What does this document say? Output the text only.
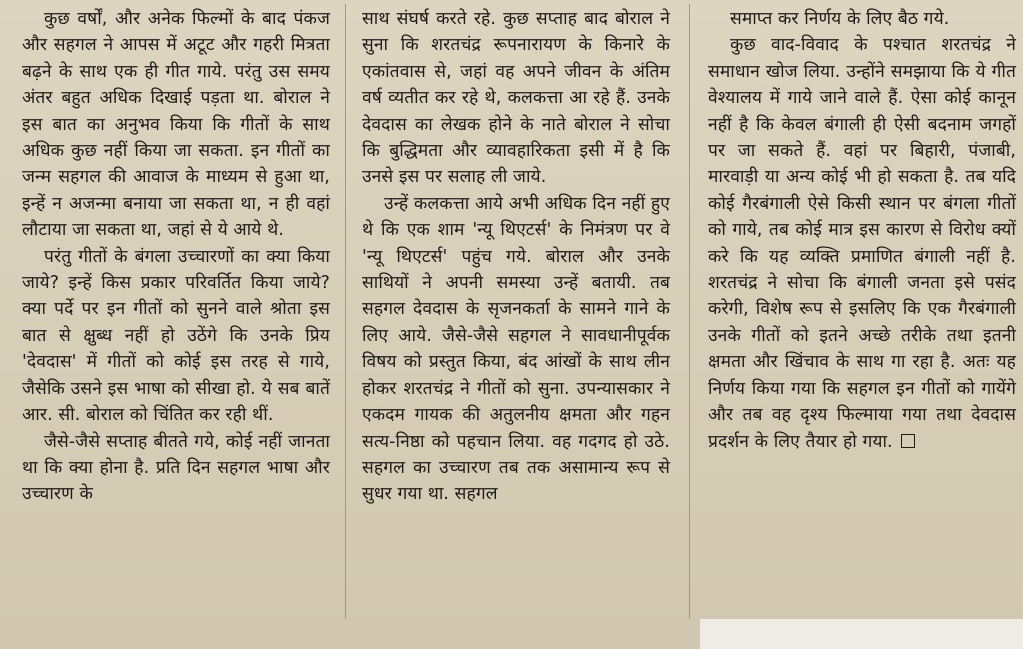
कुछ वर्षों, और अनेक फिल्मों के बाद पंकज और सहगल ने आपस में अटूट और गहरी मित्रता बढ़ने के साथ एक ही गीत गाये. परंतु उस समय अंतर बहुत अधिक दिखाई पड़ता था. बोराल ने इस बात का अनुभव किया कि गीतों के साथ अधिक कुछ नहीं किया जा सकता. इन गीतों का जन्म सहगल की आवाज के माध्यम से हुआ था, इन्हें न अजन्मा बनाया जा सकता था, न ही वहां लौटाया जा सकता था, जहां से ये आये थे.

परंतु गीतों के बंगला उच्चारणों का क्या किया जाये? इन्हें किस प्रकार परिवर्तित किया जाये? क्या पर्दे पर इन गीतों को सुनने वाले श्रोता इस बात से क्षुब्ध नहीं हो उठेंगे कि उनके प्रिय 'देवदास' में गीतों को कोई इस तरह से गाये, जैसेकि उसने इस भाषा को सीखा हो. ये सब बातें आर. सी. बोराल को चिंतित कर रही थीं.

जैसे-जैसे सप्ताह बीतते गये, कोई नहीं जानता था कि क्या होना है. प्रति दिन सहगल भाषा और उच्चारण के

साथ संघर्ष करते रहे. कुछ सप्ताह बाद बोराल ने सुना कि शरतचंद्र रूपनारायण के किनारे के एकांतवास से, जहां वह अपने जीवन के अंतिम वर्ष व्यतीत कर रहे थे, कलकत्ता आ रहे हैं. उनके देवदास का लेखक होने के नाते बोराल ने सोचा कि बुद्धिमता और व्यावहारिकता इसी में है कि उनसे इस पर सलाह ली जाये.

उन्हें कलकत्ता आये अभी अधिक दिन नहीं हुए थे कि एक शाम 'न्यू थिएटर्स' के निमंत्रण पर वे 'न्यू थिएटर्स' पहुंच गये. बोराल और उनके साथियों ने अपनी समस्या उन्हें बतायी. तब सहगल देवदास के सृजनकर्ता के सामने गाने के लिए आये. जैसे-जैसे सहगल ने सावधानीपूर्वक विषय को प्रस्तुत किया, बंद आंखों के साथ लीन होकर शरतचंद्र ने गीतों को सुना. उपन्यासकार ने एकदम गायक की अतुलनीय क्षमता और गहन सत्य-निष्ठा को पहचान लिया. वह गदगद हो उठे. सहगल का उच्चारण तब तक असामान्य रूप से सुधर गया था. सहगल

समाप्त कर निर्णय के लिए बैठ गये.

कुछ वाद-विवाद के पश्चात शरतचंद्र ने समाधान खोज लिया. उन्होंने समझाया कि ये गीत वेश्यालय में गाये जाने वाले हैं. ऐसा कोई कानून नहीं है कि केवल बंगाली ही ऐसी बदनाम जगहों पर जा सकते हैं. वहां पर बिहारी, पंजाबी, मारवाड़ी या अन्य कोई भी हो सकता है. तब यदि कोई गैरबंगाली ऐसे किसी स्थान पर बंगला गीतों को गाये, तब कोई मात्र इस कारण से विरोध क्यों करे कि यह व्यक्ति प्रमाणित बंगाली नहीं है. शरतचंद्र ने सोचा कि बंगाली जनता इसे पसंद करेगी, विशेष रूप से इसलिए कि एक गैरबंगाली उनके गीतों को इतने अच्छे तरीके तथा इतनी क्षमता और खिंचाव के साथ गा रहा है. अतः यह निर्णय किया गया कि सहगल इन गीतों को गायेंगे और तब वह दृश्य फिल्माया गया तथा देवदास प्रदर्शन के लिए तैयार हो गया.
